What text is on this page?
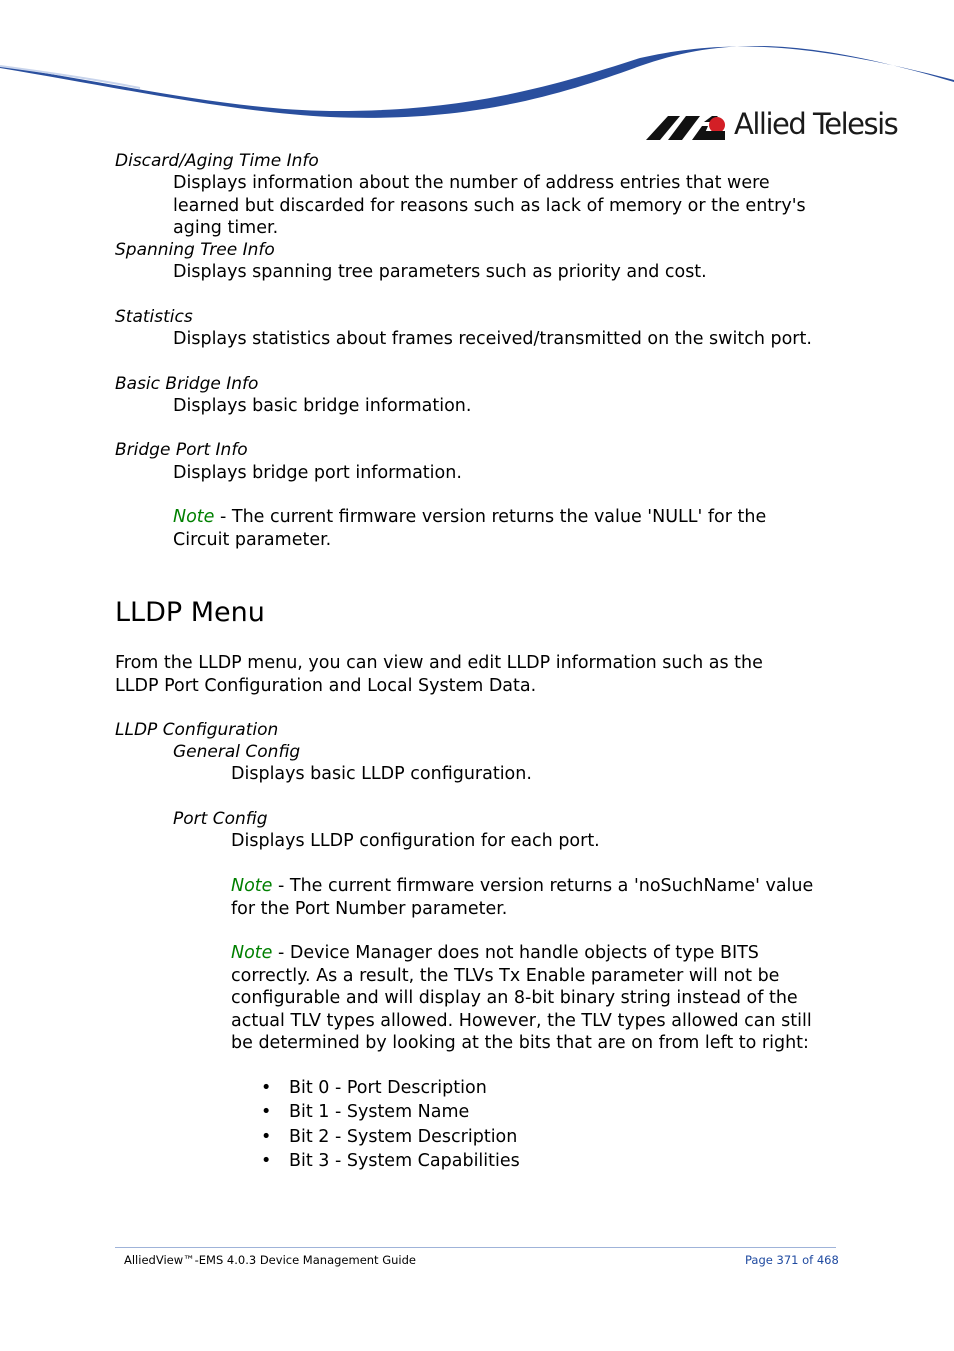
Allied Telesis
Discard/Aging Time Info
Displays information about the number of address entries that were learned but discarded for reasons such as lack of memory or the entry's aging timer.
Spanning Tree Info
Displays spanning tree parameters such as priority and cost.
Statistics
Displays statistics about frames received/transmitted on the switch port.
Basic Bridge Info
Displays basic bridge information.
Bridge Port Info
Displays bridge port information.
Note - The current firmware version returns the value 'NULL' for the Circuit parameter.
LLDP Menu
From the LLDP menu, you can view and edit LLDP information such as the LLDP Port Configuration and Local System Data.
LLDP Configuration
General Config
Displays basic LLDP configuration.
Port Config
Displays LLDP configuration for each port.
Note - The current firmware version returns a 'noSuchName' value for the Port Number parameter.
Note - Device Manager does not handle objects of type BITS correctly. As a result, the TLVs Tx Enable parameter will not be configurable and will display an 8-bit binary string instead of the actual TLV types allowed. However, the TLV types allowed can still be determined by looking at the bits that are on from left to right:
• Bit 0 - Port Description
• Bit 1 - System Name
• Bit 2 - System Description
• Bit 3 - System Capabilities
AlliedView™-EMS 4.0.3 Device Management Guide	Page 371 of 468
